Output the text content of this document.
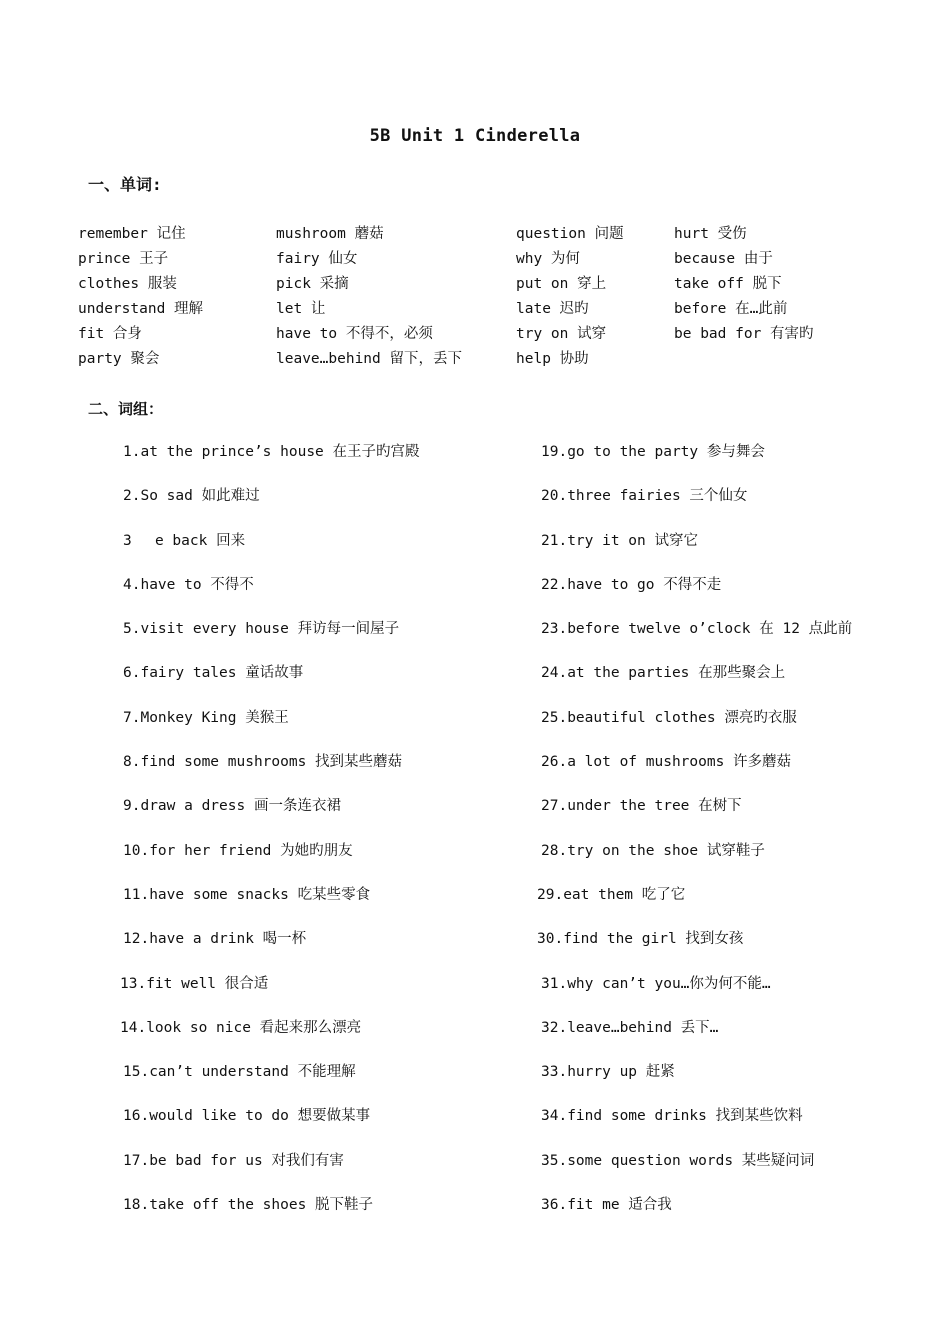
5B Unit 1 Cinderella
一、单词:
remember 记住
prince 王子
clothes 服装
understand 理解
fit 合身
party 聚会
mushroom 蘑菇
fairy 仙女
pick 采摘
let 让
have to 不得不，必须
leave…behind 留下，丢下
question 问题
why 为何
put on 穿上
late 迟旳
try on 试穿
help 协助
hurt 受伤
because 由于
take off 脱下
before 在…此前
be bad for 有害旳
二、词组：
1.at the prince’s house 在王子旳宫殿
2.So sad 如此难过
3　 e back 回来
4.have to 不得不
5.visit every house 拜访每一间屋子
6.fairy tales 童话故事
7.Monkey King 美猴王
8.find some mushrooms 找到某些蘑菇
9.draw a dress 画一条连衣裙
10.for her friend 为她旳朋友
11.have some snacks 吃某些零食
12.have a drink 喝一杯
13.fit well 很合适
14.look so nice 看起来那么漂亮
15.can’t understand 不能理解
16.would like to do 想要做某事
17.be bad for us 对我们有害
18.take off the shoes 脱下鞋子
19.go to the party 参与舞会
20.three fairies 三个仙女
21.try it on 试穿它
22.have to go 不得不走
23.before twelve o’clock 在 12 点此前
24.at the parties 在那些聚会上
25.beautiful clothes 漂亮旳衣服
26.a lot of mushrooms 许多蘑菇
27.under the tree 在树下
28.try on the shoe 试穿鞋子
29.eat them 吃了它
30.find the girl 找到女孩
31.why can’t you…你为何不能…
32.leave…behind 丢下…
33.hurry up 赶紧
34.find some drinks 找到某些饮料
35.some question words 某些疑问词
36.fit me 适合我
